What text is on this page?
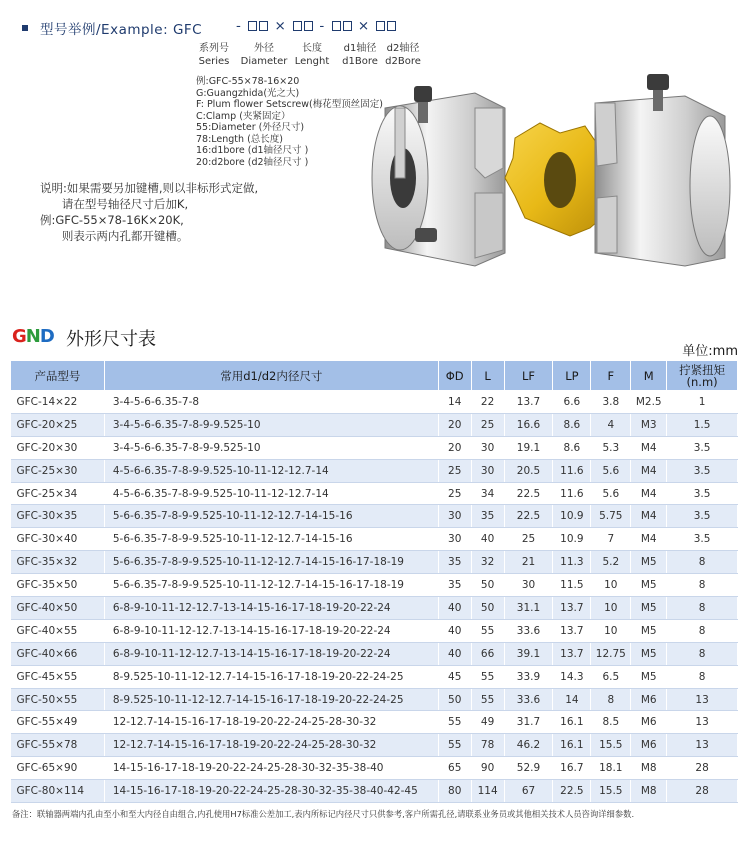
型号举例/Example: GFC	- × - ×
系列号
Series
外径
Diameter
长度
Lenght
d1轴径
d1Bore
d2轴径
d2Bore
例:GFC-55×78-16×20
G:Guangzhida(光之大)
F: Plum flower Setscrew(梅花型顶丝固定)
C:Clamp (夹紧固定）
55:Diameter (外径尺寸)
78:Length (总长度)
16:d1bore (d1轴径尺寸 )
20:d2bore (d2轴径尺寸 )
说明:如果需要另加键槽,则以非标形式定做,
请在型号轴径尺寸后加K,
例:GFC-55×78-16K×20K,
则表示两内孔都开键槽。
G N D 外形尺寸表
单位:mm
产品型号	常用d1/d2内径尺寸	ΦD	L	LF	LP	F	M	拧紧扭矩
(n.m)
GFC-14×22	3-4-5-6-6.35-7-8	14	22	13.7	6.6	3.8	M2.5	1
GFC-20×25	3-4-5-6-6.35-7-8-9-9.525-10	20	25	16.6	8.6	4	M3	1.5
GFC-20×30	3-4-5-6-6.35-7-8-9-9.525-10	20	30	19.1	8.6	5.3	M4	3.5
GFC-25×30	4-5-6-6.35-7-8-9-9.525-10-11-12-12.7-14	25	30	20.5	11.6	5.6	M4	3.5
GFC-25×34	4-5-6-6.35-7-8-9-9.525-10-11-12-12.7-14	25	34	22.5	11.6	5.6	M4	3.5
GFC-30×35	5-6-6.35-7-8-9-9.525-10-11-12-12.7-14-15-16	30	35	22.5	10.9	5.75	M4	3.5
GFC-30×40	5-6-6.35-7-8-9-9.525-10-11-12-12.7-14-15-16	30	40	25	10.9	7	M4	3.5
GFC-35×32	5-6-6.35-7-8-9-9.525-10-11-12-12.7-14-15-16-17-18-19	35	32	21	11.3	5.2	M5	8
GFC-35×50	5-6-6.35-7-8-9-9.525-10-11-12-12.7-14-15-16-17-18-19	35	50	30	11.5	10	M5	8
GFC-40×50	6-8-9-10-11-12-12.7-13-14-15-16-17-18-19-20-22-24	40	50	31.1	13.7	10	M5	8
GFC-40×55	6-8-9-10-11-12-12.7-13-14-15-16-17-18-19-20-22-24	40	55	33.6	13.7	10	M5	8
GFC-40×66	6-8-9-10-11-12-12.7-13-14-15-16-17-18-19-20-22-24	40	66	39.1	13.7	12.75	M5	8
GFC-45×55	8-9.525-10-11-12-12.7-14-15-16-17-18-19-20-22-24-25	45	55	33.9	14.3	6.5	M5	8
GFC-50×55	8-9.525-10-11-12-12.7-14-15-16-17-18-19-20-22-24-25	50	55	33.6	14	8	M6	13
GFC-55×49	12-12.7-14-15-16-17-18-19-20-22-24-25-28-30-32	55	49	31.7	16.1	8.5	M6	13
GFC-55×78	12-12.7-14-15-16-17-18-19-20-22-24-25-28-30-32	55	78	46.2	16.1	15.5	M6	13
GFC-65×90	14-15-16-17-18-19-20-22-24-25-28-30-32-35-38-40	65	90	52.9	16.7	18.1	M8	28
GFC-80×114	14-15-16-17-18-19-20-22-24-25-28-30-32-35-38-40-42-45	80	114	67	22.5	15.5	M8	28
备注：联轴器两端内孔由至小和至大内径自由组合,内孔使用H7标准公差加工,表内所标记内径尺寸只供参考,客户所需孔径,请联系业务员或其他相关技术人员咨询详细参数.
